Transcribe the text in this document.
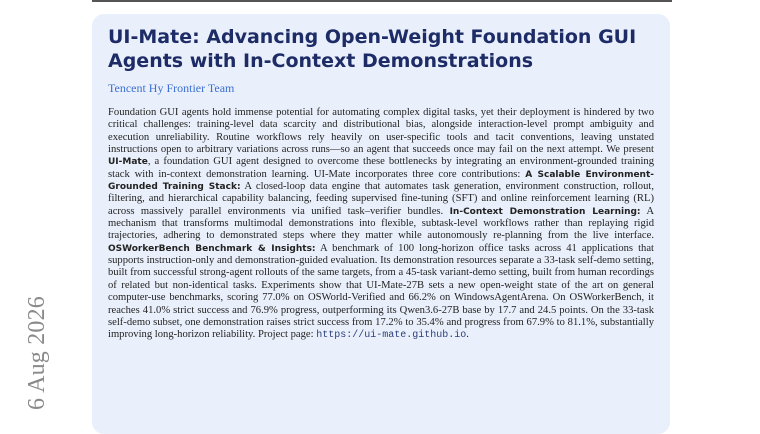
6 Aug 2026
UI-Mate: Advancing Open-Weight Foundation GUI Agents with In-Context Demonstrations
Tencent Hy Frontier Team

Foundation GUI agents hold immense potential for automating complex digital tasks, yet their deployment is hindered by two critical challenges: training-level data scarcity and distributional bias, alongside interaction-level prompt ambiguity and execution unreliability. Routine workflows rely heavily on user-specific tools and tacit conventions, leaving unstated instructions open to arbitrary variations across runs—so an agent that succeeds once may fail on the next attempt. We present UI-Mate, a foundation GUI agent designed to overcome these bottlenecks by integrating an environment-grounded training stack with in-context demonstration learning. UI-Mate incorporates three core contributions: A Scalable Environment-Grounded Training Stack: A closed-loop data engine that automates task generation, environment construction, rollout, filtering, and hierarchical capability balancing, feeding supervised fine-tuning (SFT) and online reinforcement learning (RL) across massively parallel environments via unified task–verifier bundles. In-Context Demonstration Learning: A mechanism that transforms multimodal demonstrations into flexible, subtask-level workflows rather than replaying rigid trajectories, adhering to demonstrated steps where they matter while autonomously re-planning from the live interface. OSWorkerBench Benchmark & Insights: A benchmark of 100 long-horizon office tasks across 41 applications that supports instruction-only and demonstration-guided evaluation. Its demonstration resources separate a 33-task self-demo setting, built from successful strong-agent rollouts of the same targets, from a 45-task variant-demo setting, built from human recordings of related but non-identical tasks. Experiments show that UI-Mate-27B sets a new open-weight state of the art on general computer-use benchmarks, scoring 77.0% on OSWorld-Verified and 66.2% on WindowsAgentArena. On OSWorkerBench, it reaches 41.0% strict success and 76.9% progress, outperforming its Qwen3.6-27B base by 17.7 and 24.5 points. On the 33-task self-demo subset, one demonstration raises strict success from 17.2% to 35.4% and progress from 67.9% to 81.1%, substantially improving long-horizon reliability. Project page: https://ui-mate.github.io.
